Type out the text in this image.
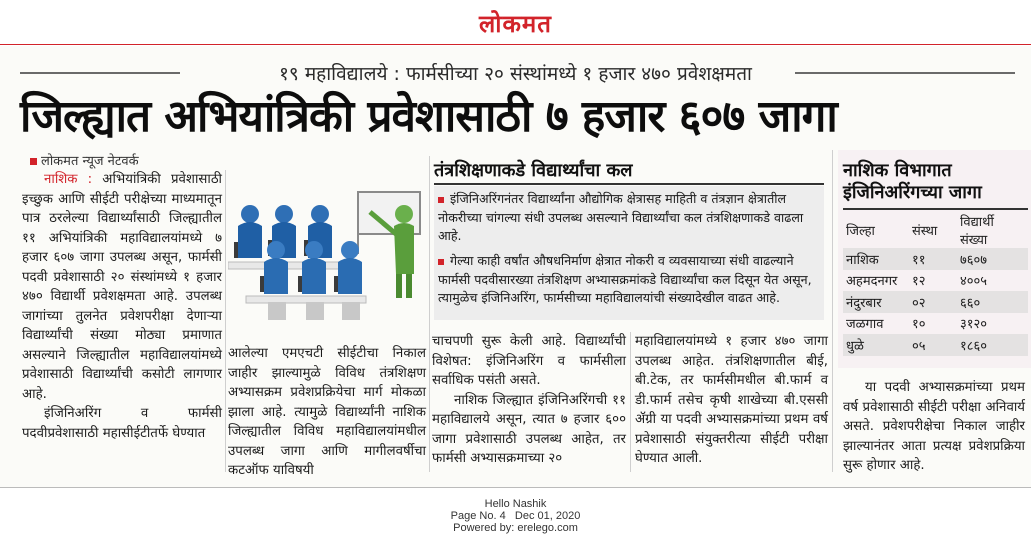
लोकमत
१९ महाविद्यालये : फार्मसीच्या २० संस्थांमध्ये १ हजार ४७० प्रवेशक्षमता
जिल्ह्यात अभियांत्रिकी प्रवेशासाठी ७ हजार ६०७ जागा
लोकमत न्यूज नेटवर्क

नाशिक : अभियांत्रिकी प्रवेशासाठी इच्छुक आणि सीईटी परीक्षेच्या माध्यमातून पात्र ठरलेल्या विद्यार्थ्यांसाठी जिल्ह्यातील ११ अभियांत्रिकी महाविद्यालयांमध्ये ७ हजार ६०७ जागा उपलब्ध असून, फार्मसी पदवी प्रवेशासाठी २० संस्थांमध्ये १ हजार ४७० विद्यार्थी प्रवेशक्षमता आहे. उपलब्ध जागांच्या तुलनेत प्रवेशपरीक्षा देणाऱ्या विद्यार्थ्यांची संख्या मोठ्या प्रमाणात असल्याने जिल्ह्यातील महाविद्यालयांमध्ये प्रवेशासाठी विद्यार्थ्यांची कसोटी लागणार आहे.

इंजिनिअरिंग व फार्मसी पदवीप्रवेशासाठी महासीईटीतर्फे घेण्यात

आलेल्या एमएचटी सीईटीचा निकाल जाहीर झाल्यामुळे विविध तंत्रशिक्षण अभ्यासक्रम प्रवेशप्रक्रियेचा मार्ग मोकळा झाला आहे. त्यामुळे विद्यार्थ्यांनी नाशिक जिल्ह्यातील विविध महाविद्यालयांमधील उपलब्ध जागा आणि मागीलवर्षीचा कटऑफ याविषयी
तंत्रशिक्षणाकडे विद्यार्थ्यांचा कल
इंजिनिअरिंगनंतर विद्यार्थ्यांना औद्योगिक क्षेत्रासह माहिती व तंत्रज्ञान क्षेत्रातील नोकरीच्या चांगल्या संधी उपलब्ध असल्याने विद्यार्थ्यांचा कल तंत्रशिक्षणाकडे वाढला आहे.
गेल्या काही वर्षांत औषधनिर्माण क्षेत्रात नोकरी व व्यवसायाच्या संधी वाढल्याने फार्मसी पदवीसारख्या तंत्रशिक्षण अभ्यासक्रमांकडे विद्यार्थ्यांचा कल दिसून येत असून, त्यामुळेच इंजिनिअरिंग, फार्मसीच्या महाविद्यालयांची संख्यादेखील वाढत आहे.

चाचपणी सुरू केली आहे. विद्यार्थ्यांची विशेषत: इंजिनिअरिंग व फार्मसीला सर्वाधिक पसंती असते.

नाशिक जिल्ह्यात इंजिनिअरिंगची ११ महाविद्यालये असून, त्यात ७ हजार ६०० जागा प्रवेशासाठी उपलब्ध आहेत, तर फार्मसी अभ्यासक्रमाच्या २०

महाविद्यालयांमध्ये १ हजार ४७० जागा उपलब्ध आहेत. तंत्रशिक्षणातील बीई, बी.टेक, तर फार्मसीमधील बी.फार्म व डी.फार्म तसेच कृषी शाखेच्या बी.एससी ॲग्री या पदवी अभ्यासक्रमांच्या प्रथम वर्ष प्रवेशासाठी संयुक्तरीत्या सीईटी परीक्षा घेण्यात आली.
नाशिक विभागात इंजिनिअरिंगच्या जागा
जिल्हा	संस्था	विद्यार्थी संख्या
नाशिक	११	७६०७
अहमदनगर	१२	४००५
नंदुरबार	०२	६६०
जळगाव	१०	३१२०
धुळे	०५	१८६०
या पदवी अभ्यासक्रमांच्या प्रथम वर्ष प्रवेशासाठी सीईटी परीक्षा अनिवार्य असते. प्रवेशपरीक्षेचा निकाल जाहीर झाल्यानंतर आता प्रत्यक्ष प्रवेशप्रक्रिया सुरू होणार आहे.
Hello Nashik
Page No. 4 Dec 01, 2020
Powered by: erelego.com
